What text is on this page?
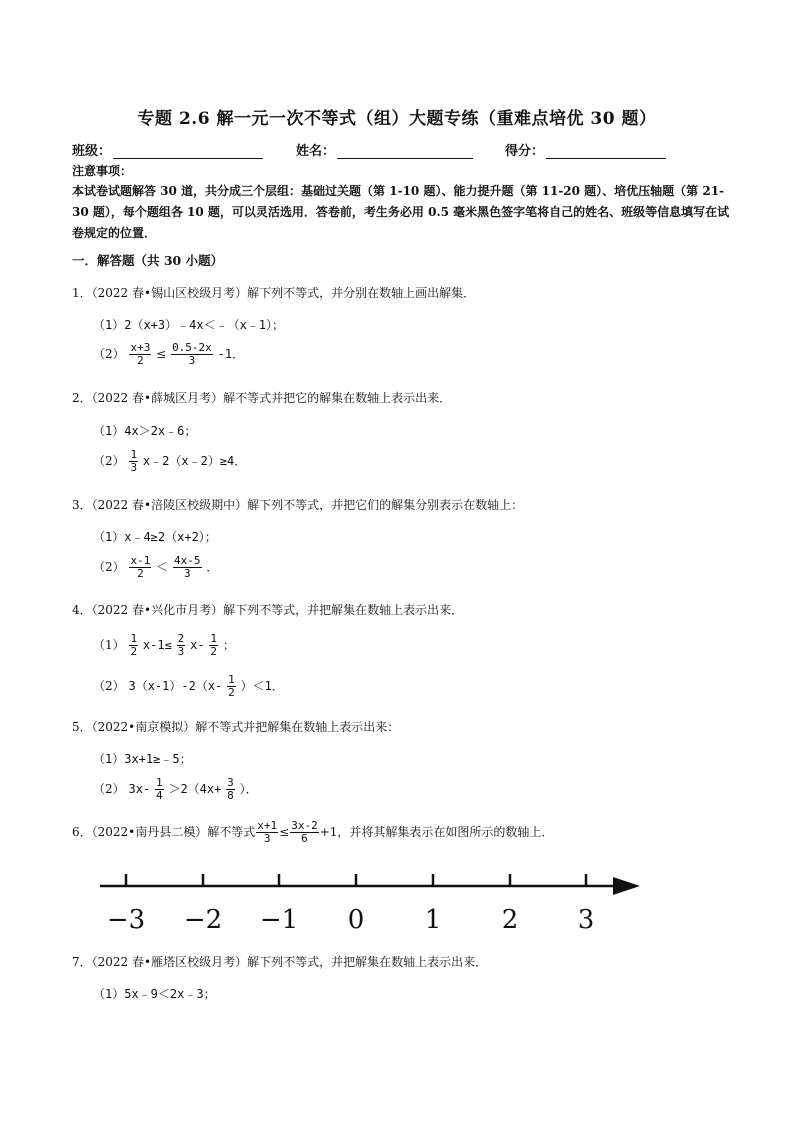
专题 2.6 解一元一次不等式（组）大题专练（重难点培优 30 题）
班级：	姓名：	得分：
注意事项：
本试卷试题解答 30 道，共分成三个层组：基础过关题（第 1-10 题）、能力提升题（第 11-20 题）、培优压轴题（第 21-30 题），每个题组各 10 题，可以灵活选用．答卷前，考生务必用 0.5 毫米黑色签字笔将自己的姓名、班级等信息填写在试卷规定的位置．
一．解答题（共 30 小题）
1．（2022 春•锡山区校级月考）解下列不等式，并分别在数轴上画出解集．
（1）2（x+3）﹣4x＜﹣（x﹣1）；
$(2) \frac{x+3}{2} \le \frac{0.5-2x}{3} -1$．
2．（2022 春•薛城区月考）解不等式并把它的解集在数轴上表示出来．
（1）4x＞2x﹣6；
$(2) \frac{1}{3}$ x﹣2（x﹣2）≥4．
3．（2022 春•涪陵区校级期中）解下列不等式，并把它们的解集分别表示在数轴上：
（1）x﹣4≥2（x+2）；
$(2) \frac{x-1}{2} < \frac{4x-5}{3}$ ．
4．（2022 春•兴化市月考）解下列不等式，并把解集在数轴上表示出来．
$(1) \frac{1}{2} x-1\le \frac{2}{3} x- \frac{1}{2}$ ；
（2） $3(x-1)-2(x- \frac{1}{2} )<1$．
5．（2022•南京模拟）解不等式并把解集在数轴上表示出来：
（1）3x+1≥﹣5；
（2） $3x- \frac{1}{4} >2(4x+ \frac{3}{8}$ ）．
6．（2022•南丹县二模）解不等式 $\frac{x+1}{3} \le \frac{3x-2}{6} +1$，并将其解集表示在如图所示的数轴上．
−3 −2 −1 0 1 2 3
7．（2022 春•雁塔区校级月考）解下列不等式，并把解集在数轴上表示出来．
（1）5x﹣9＜2x﹣3；
